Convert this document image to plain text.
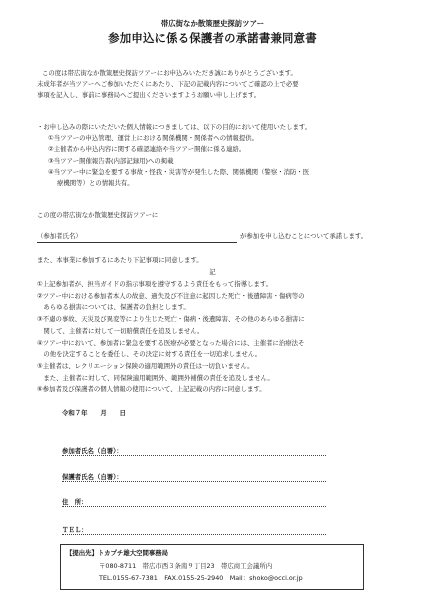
帯広街なか散策歴史探訪ツアー
参加申込に係る保護者の承諾書兼同意書
この度は帯広街なか散策歴史探訪ツアーにお申込みいただき誠にありがとうございます。
未成年者が当ツアーへご参加いただくにあたり、下記の記載内容についてご確認の上で必要
事項を記入し、事前に事務局へご提出くださいますようお願い申し上げます。
・お申し込みの際にいただいた個人情報につきましては、以下の目的において使用いたします。
①当ツアーの申込管理、運営上における関係機関・関係者への情報提供。
②主催者から申込内容に関する確認連絡や当ツアー開催に係る連絡。
③当ツアー開催報告書(内部記録用)への掲載
④当ツアー中に緊急を要する事故・怪我・災害等が発生した際、関係機関（警察・消防・医
療機関等）との情報共有。
この度の帯広街なか散策歴史探訪ツアーに
（参加者氏名）	が参加を申し込むことについて承諾します。
また、本事業に参加するにあたり下記事項に同意します。
記
①上記参加者が、担当ガイドの指示事項を遵守するよう責任をもって指導します。
②ツアー中における参加者本人の故意、過失及び不注意に起因した死亡・後遺障害・傷病等の
　あらゆる損害については、保護者の負担とします。
③不慮の事故、天災及び異変等により生じた死亡・傷病・後遺障害、その他のあらゆる損害に
　関して、主催者に対して一切賠償責任を追及しません。
④ツアー中において、参加者に緊急を要する医療が必要となった場合には、主催者に治療法そ
　の他を決定することを委任し、その決定に対する責任を一切追求しません。
⑤主催者は、レクリエーション保険の適用範囲外の責任は一切負いません。
　また、主催者に対して、同保険適用範囲外、範囲外補償の責任を追及しません。
⑥参加者及び保護者の個人情報の使用について、上記記載の内容に同意します。
令和７年　　月　　日
参加者氏名（自署）：
保護者氏名（自署）：
住　所：
ＴＥＬ：
【提出先】トカプチ雄大空間事務局
〒080-8711　帯広市西３条南９丁目23　帯広商工会議所内
TEL.0155-67-7381　FAX.0155-25-2940　Mail：shoko@occi.or.jp
